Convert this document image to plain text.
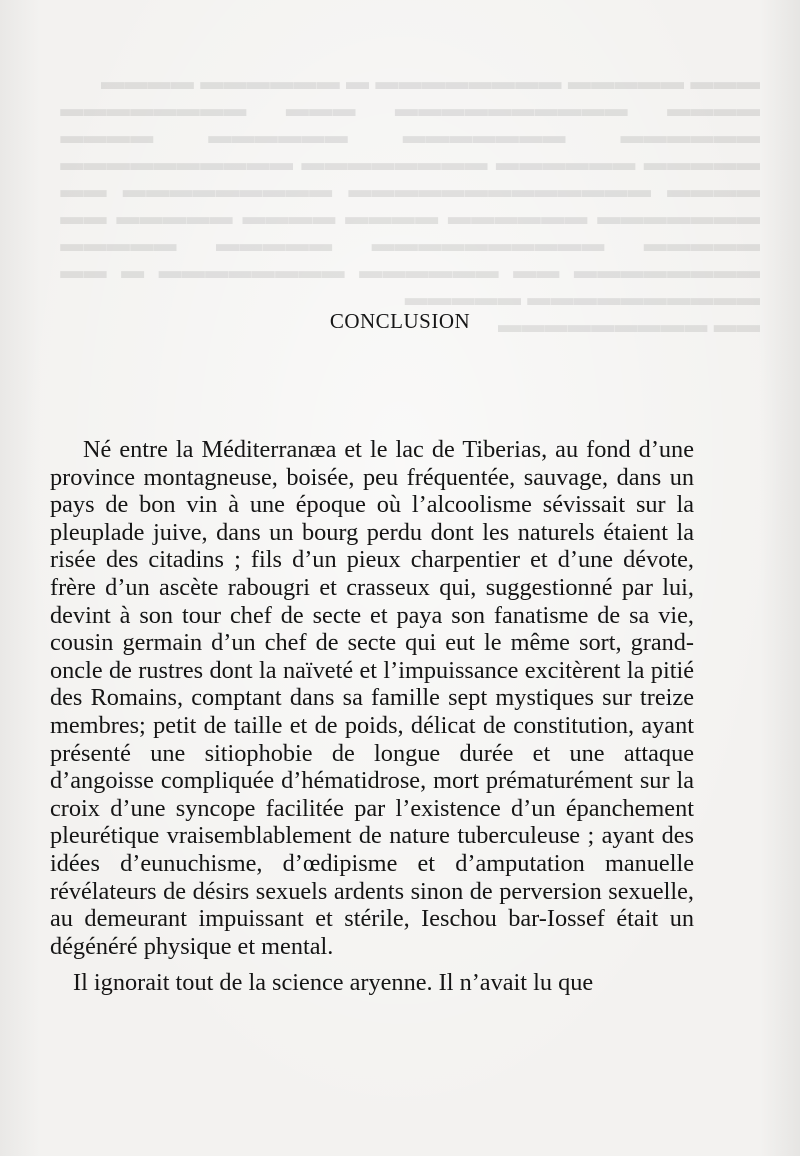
▬▬▬ ▬▬▬▬▬ ▬▬▬▬▬▬▬▬ ▬ ▬▬▬▬▬▬ ▬▬▬▬
▬▬▬▬ ▬▬▬▬▬▬▬▬▬▬ ▬▬▬ ▬▬▬▬▬▬▬▬
▬▬▬▬▬▬ ▬▬▬▬▬▬▬ ▬▬▬▬▬▬ ▬▬▬▬
▬▬▬▬▬ ▬▬▬▬▬▬ ▬▬▬▬▬▬▬▬ ▬▬▬▬▬▬▬▬▬▬
▬▬▬▬ ▬▬▬▬▬▬▬▬▬▬▬▬▬ ▬▬▬▬▬▬▬▬▬ ▬▬
▬▬▬▬▬▬▬ ▬▬▬▬▬▬ ▬▬▬▬ ▬▬▬▬ ▬▬▬▬▬ ▬▬
▬▬▬▬▬ ▬▬▬▬▬▬▬▬▬▬ ▬▬▬▬▬ ▬▬▬▬▬
▬▬▬▬▬▬▬▬ ▬▬ ▬▬▬▬▬▬ ▬▬▬▬▬▬▬▬ ▬ ▬▬
▬▬▬▬▬▬▬▬▬▬ ▬▬▬▬▬
▬▬ ▬▬▬▬▬▬▬▬▬
CONCLUSION

Né entre la Méditerranæa et le lac de Tiberias, au fond d’une province montagneuse, boisée, peu fréquentée, sauvage, dans un pays de bon vin à une époque où l’alcoolisme sévissait sur la pleuplade juive, dans un bourg perdu dont les naturels étaient la risée des citadins ; fils d’un pieux charpentier et d’une dévote, frère d’un ascète rabougri et crasseux qui, suggestionné par lui, devint à son tour chef de secte et paya son fanatisme de sa vie, cousin germain d’un chef de secte qui eut le même sort, grand-oncle de rustres dont la naïveté et l’impuissance excitèrent la pitié des Romains, comptant dans sa famille sept mystiques sur treize membres; petit de taille et de poids, délicat de constitution, ayant présenté une sitiophobie de longue durée et une attaque d’angoisse compliquée d’hématidrose, mort prématurément sur la croix d’une syncope facilitée par l’existence d’un épanchement pleurétique vraisemblablement de nature tuberculeuse ; ayant des idées d’eunuchisme, d’œdipisme et d’amputation manuelle révélateurs de désirs sexuels ardents sinon de perversion sexuelle, au demeurant impuissant et stérile, Ieschou bar-Iossef était un dégénéré physique et mental.

Il ignorait tout de la science aryenne. Il n’avait lu que
